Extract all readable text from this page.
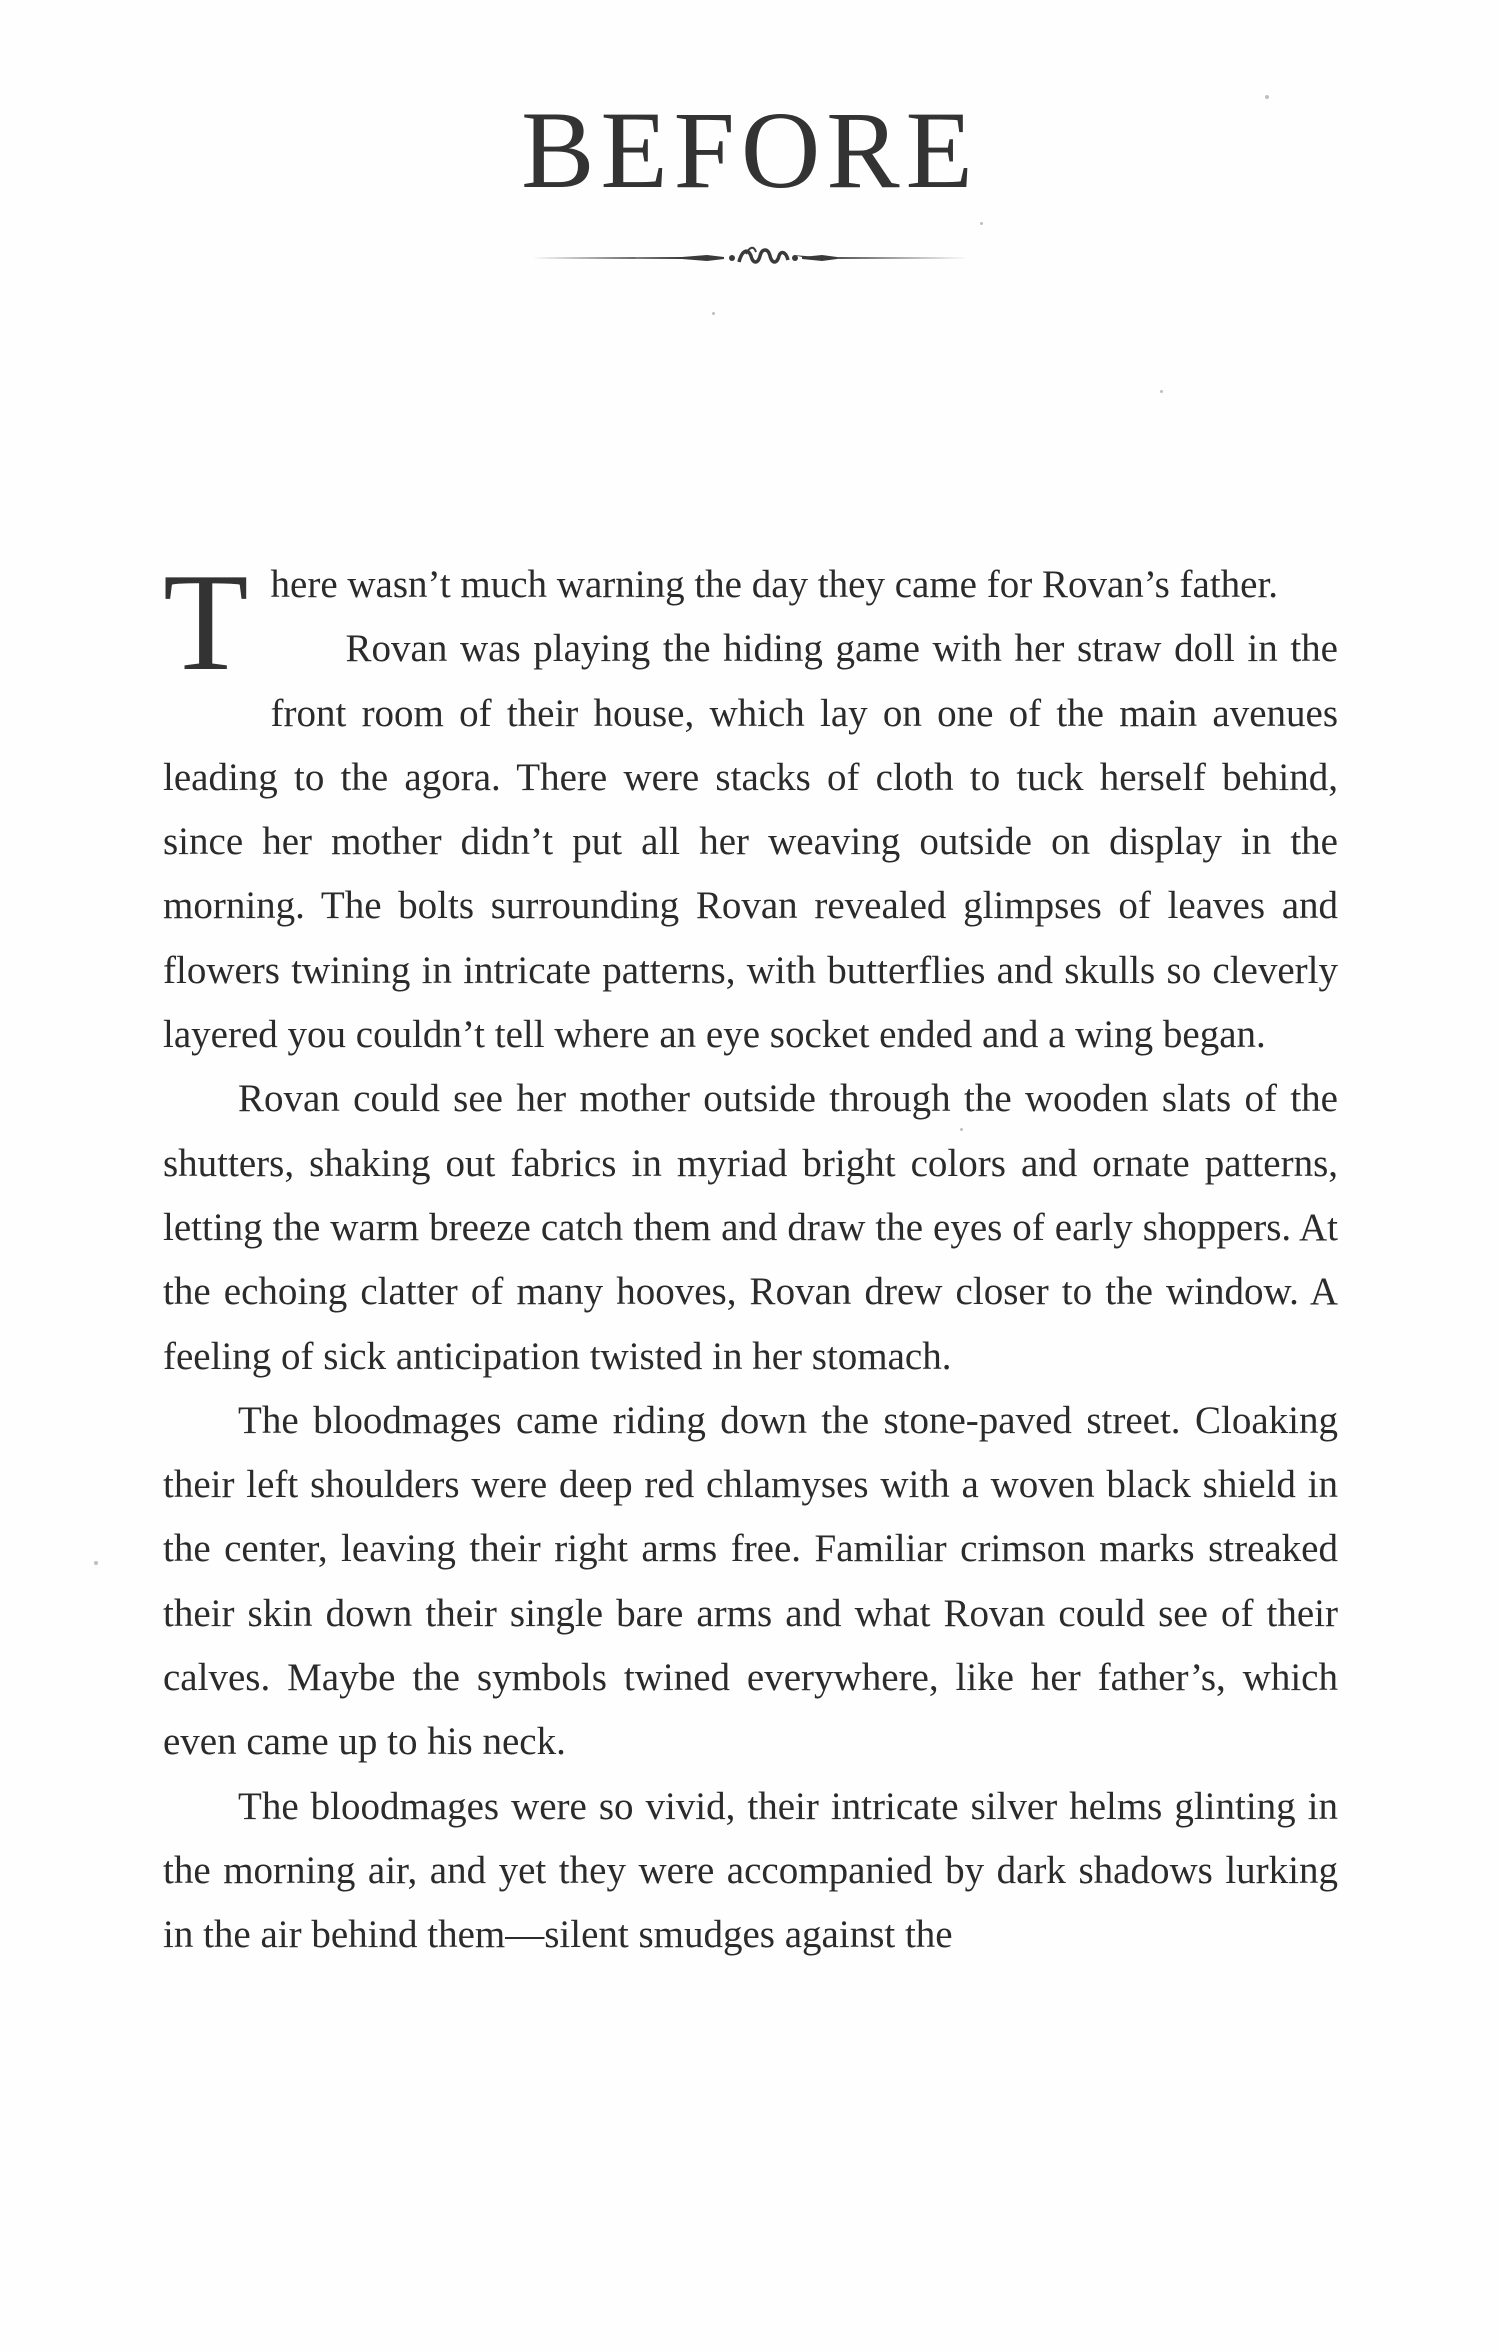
BEFORE

There wasn’t much warning the day they came for Rovan’s father.

Rovan was playing the hiding game with her straw doll in the front room of their house, which lay on one of the main avenues leading to the agora. There were stacks of cloth to tuck herself behind, since her mother didn’t put all her weaving outside on display in the morning. The bolts surrounding Rovan revealed glimpses of leaves and flowers twining in intricate patterns, with butterflies and skulls so cleverly layered you couldn’t tell where an eye socket ended and a wing began.

Rovan could see her mother outside through the wooden slats of the shutters, shaking out fabrics in myriad bright colors and ornate patterns, letting the warm breeze catch them and draw the eyes of early shoppers. At the echoing clatter of many hooves, Rovan drew closer to the window. A feeling of sick anticipation twisted in her stomach.

The bloodmages came riding down the stone-paved street. Cloaking their left shoulders were deep red chlamyses with a woven black shield in the center, leaving their right arms free. Familiar crimson marks streaked their skin down their single bare arms and what Rovan could see of their calves. Maybe the symbols twined everywhere, like her father’s, which even came up to his neck.

The bloodmages were so vivid, their intricate silver helms glinting in the morning air, and yet they were accompanied by dark shadows lurking in the air behind them—silent smudges against the
